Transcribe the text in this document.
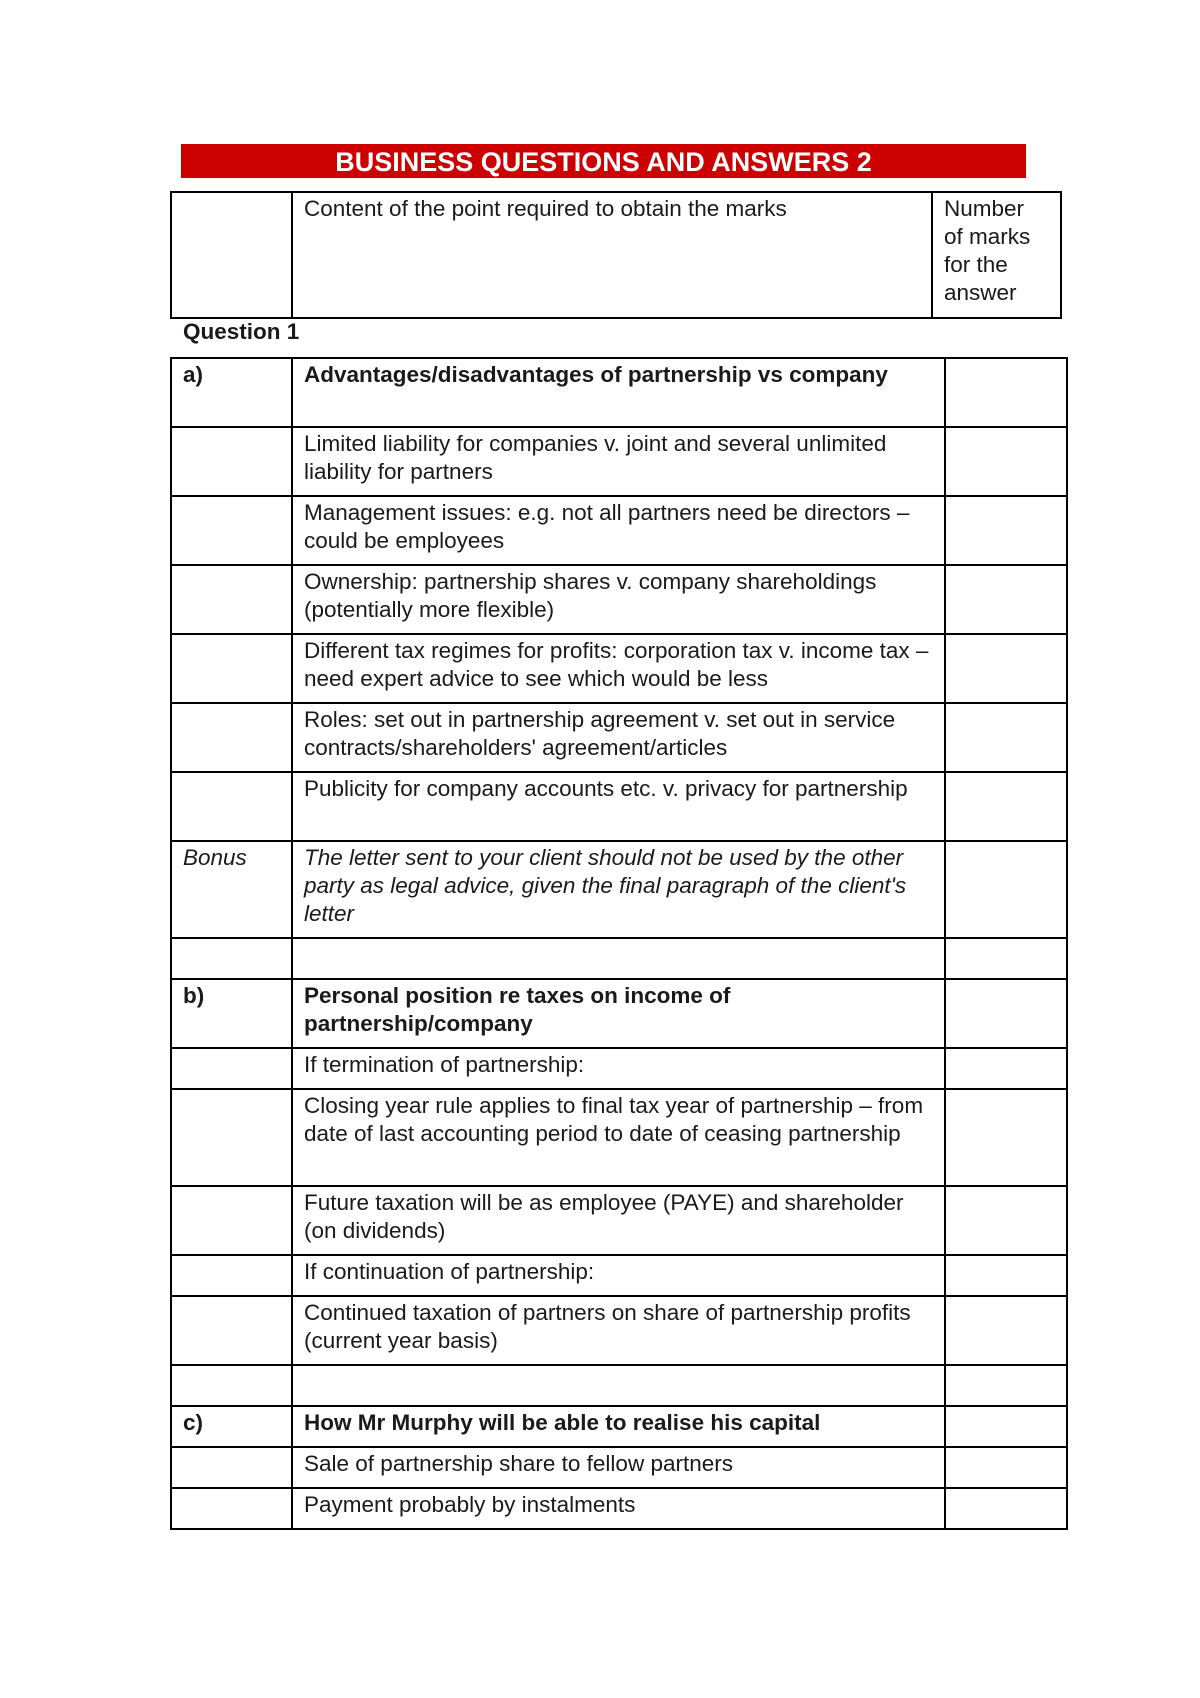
BUSINESS QUESTIONS AND ANSWERS 2
	Content of the point required to obtain the marks	Number of marks for the answer
Question 1
a)	Advantages/disadvantages of partnership vs company	
	Limited liability for companies v. joint and several unlimited liability for partners	
	Management issues: e.g. not all partners need be directors – could be employees	
	Ownership: partnership shares v. company shareholdings (potentially more flexible)	
	Different tax regimes for profits: corporation tax v. income tax – need expert advice to see which would be less	
	Roles: set out in partnership agreement v. set out in service contracts/shareholders' agreement/articles	
	Publicity for company accounts etc. v. privacy for partnership	
Bonus	The letter sent to your client should not be used by the other party as legal advice, given the final paragraph of the client's letter	

b)	Personal position re taxes on income of partnership/company	
	If termination of partnership:	
	Closing year rule applies to final tax year of partnership – from date of last accounting period to date of ceasing partnership	
	Future taxation will be as employee (PAYE) and shareholder (on dividends)	
	If continuation of partnership:	
	Continued taxation of partners on share of partnership profits (current year basis)	

c)	How Mr Murphy will be able to realise his capital	
	Sale of partnership share to fellow partners	
	Payment probably by instalments	
